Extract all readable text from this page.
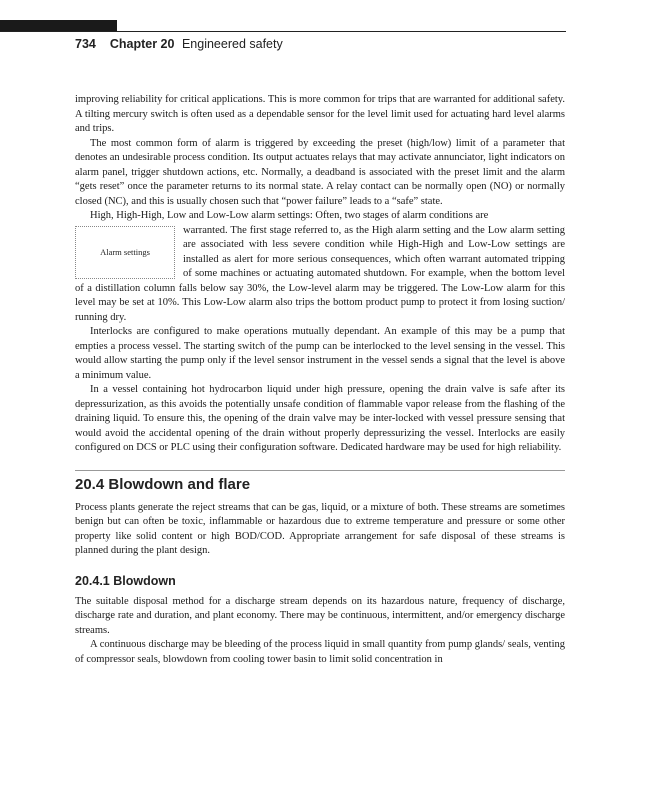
734 Chapter 20 Engineered safety

improving reliability for critical applications. This is more common for trips that are warranted for additional safety. A tilting mercury switch is often used as a dependable sensor for the level limit used for actuating hard level alarms and trips.

The most common form of alarm is triggered by exceeding the preset (high/low) limit of a parameter that denotes an undesirable process condition. Its output actuates relays that may activate annunciator, light indicators on alarm panel, trigger shutdown actions, etc. Normally, a deadband is associated with the preset limit and the alarm “gets reset” once the parameter returns to its normal state. A relay contact can be normally open (NO) or normally closed (NC), and this is usually chosen such that “power failure” leads to a “safe” state.

High, High-High, Low and Low-Low alarm settings: Often, two stages of alarm conditions are

Alarm settings

warranted. The first stage referred to, as the High alarm setting and the Low alarm setting are associated with less severe condition while High-High and Low-Low settings are installed as alert for more serious consequences, which often warrant automated tripping of some machines or actuating automated shutdown. For example, when the bottom level of a distillation column falls below say 30%, the Low-level alarm may be triggered. The Low-Low alarm for this level may be set at 10%. This Low-Low alarm also trips the bottom product pump to protect it from losing suction/ running dry.

Interlocks are configured to make operations mutually dependant. An example of this may be a pump that empties a process vessel. The starting switch of the pump can be interlocked to the level sensing in the vessel. This would allow starting the pump only if the level sensor instrument in the vessel sends a signal that the level is above a minimum value.

In a vessel containing hot hydrocarbon liquid under high pressure, opening the drain valve is safe after its depressurization, as this avoids the potentially unsafe condition of flammable vapor release from the flashing of the draining liquid. To ensure this, the opening of the drain valve may be inter-locked with vessel pressure sensing that would avoid the accidental opening of the drain without properly depressurizing the vessel. Interlocks are easily configured on DCS or PLC using their configuration software. Dedicated hardware may be used for high reliability.

20.4 Blowdown and flare

Process plants generate the reject streams that can be gas, liquid, or a mixture of both. These streams are sometimes benign but can often be toxic, inflammable or hazardous due to extreme temperature and pressure or some other property like solid content or high BOD/COD. Appropriate arrangement for safe disposal of these streams is planned during the plant design.

20.4.1 Blowdown

The suitable disposal method for a discharge stream depends on its hazardous nature, frequency of discharge, discharge rate and duration, and plant economy. There may be continuous, intermittent, and/or emergency discharge streams.

A continuous discharge may be bleeding of the process liquid in small quantity from pump glands/ seals, venting of compressor seals, blowdown from cooling tower basin to limit solid concentration in
